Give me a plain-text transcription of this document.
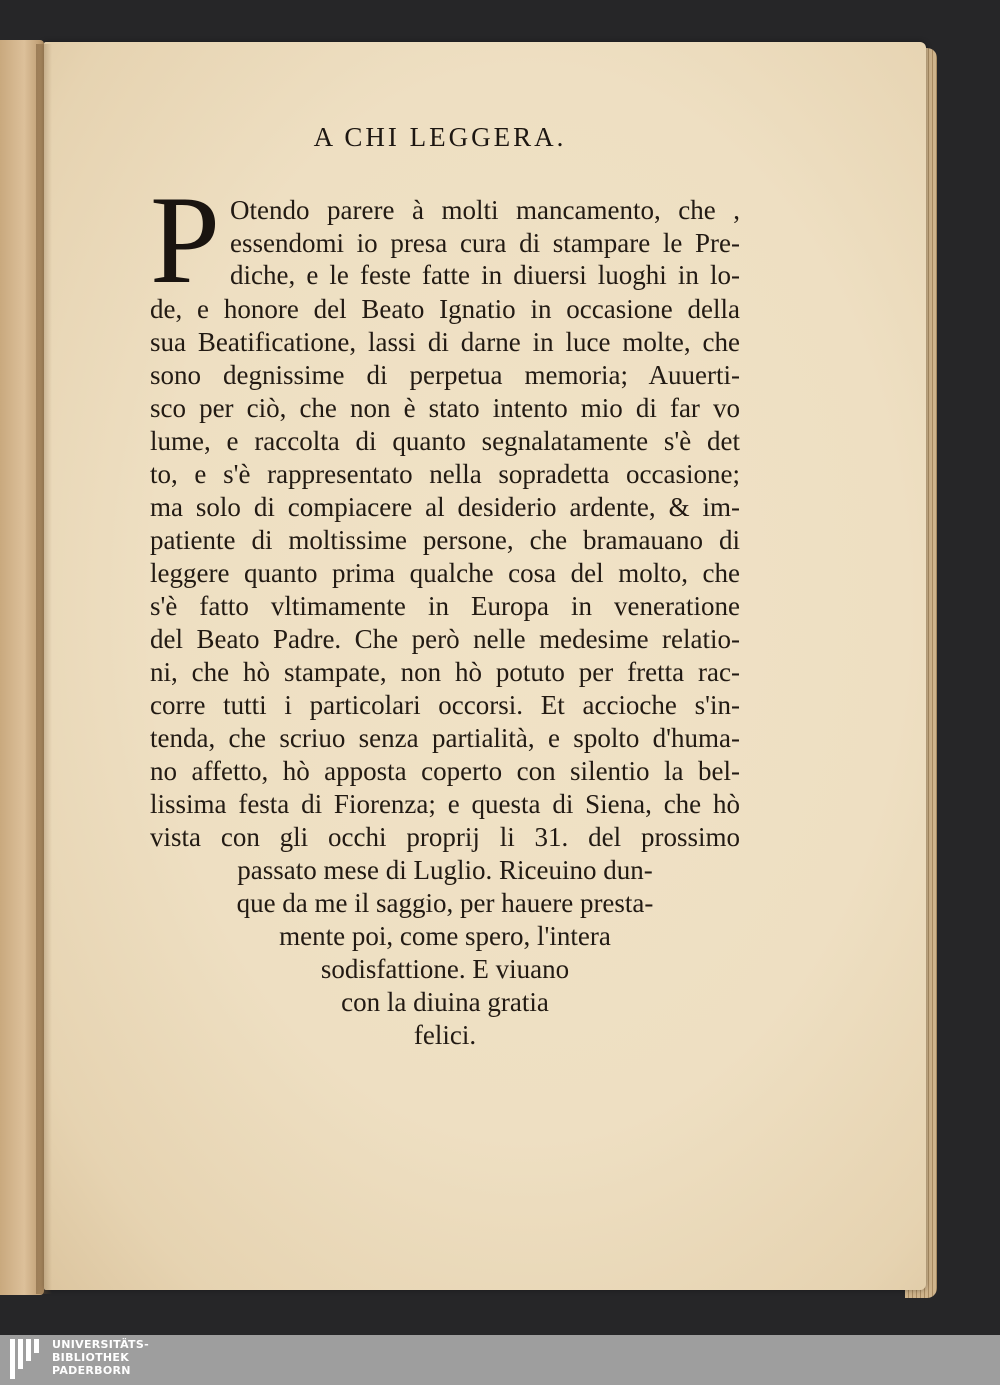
A CHI LEGGERA.
P Otendo parere à molti mancamento, che ,
essendomi io presa cura di stampare le Pre-
diche, e le feste fatte in diuersi luoghi in lo-
de, e honore del Beato Ignatio in occasione della
sua Beatificatione, lassi di darne in luce molte, che
sono degnissime di perpetua memoria; Auuerti-
sco per ciò, che non è stato intento mio di far vo
lume, e raccolta di quanto segnalatamente s'è det
to, e s'è rappresentato nella sopradetta occasione;
ma solo di compiacere al desiderio ardente, & im-
patiente di moltissime persone, che bramauano di
leggere quanto prima qualche cosa del molto, che
s'è fatto vltimamente in Europa in veneratione
del Beato Padre. Che però nelle medesime relatio-
ni, che hò stampate, non hò potuto per fretta rac-
corre tutti i particolari occorsi. Et accioche s'in-
tenda, che scriuo senza partialità, e spolto d'huma-
no affetto, hò apposta coperto con silentio la bel-
lissima festa di Fiorenza; e questa di Siena, che hò
vista con gli occhi proprij li 31. del prossimo
passato mese di Luglio. Riceuino dun-
que da me il saggio, per hauere presta-
mente poi, come spero, l'intera
sodisfattione. E viuano
con la diuina gratia
felici.
UNIVERSITÄTS-
BIBLIOTHEK
PADERBORN
